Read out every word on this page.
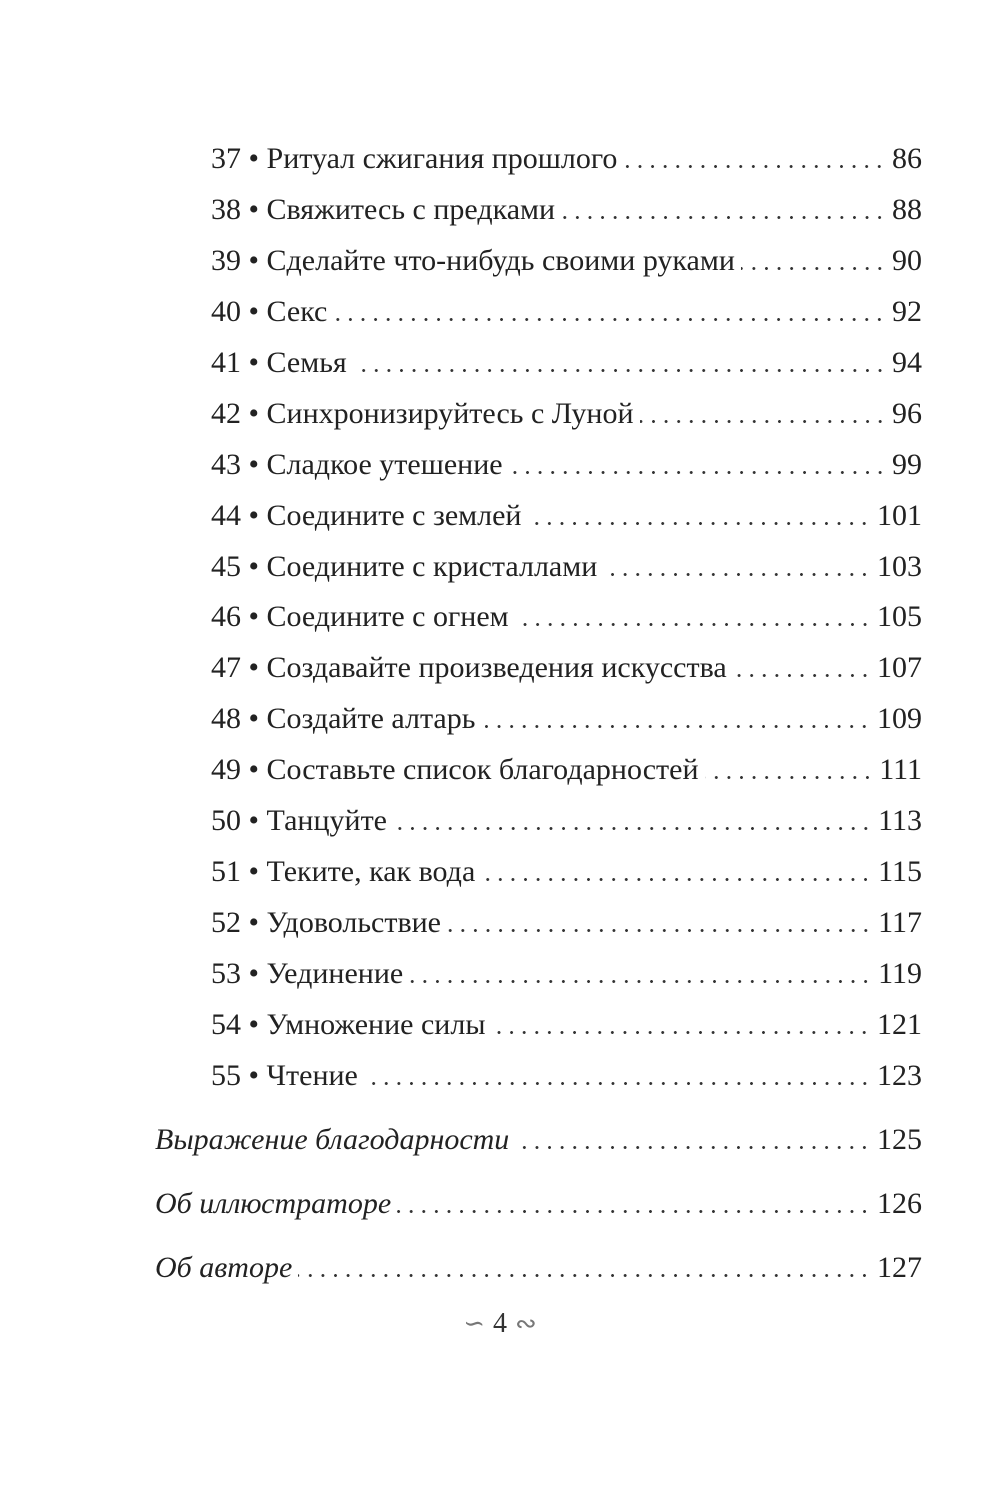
37 • Ритуал сжигания прошлого	86
38 • Свяжитесь с предками	88
39 • Сделайте что-нибудь своими руками	90
40 • Секс	92
41 • Семья	94
42 • Синхронизируйтесь с Луной	96
43 • Сладкое утешение	99
44 • Соедините с землей	101
45 • Соедините с кристаллами	103
46 • Соедините с огнем	105
47 • Создавайте произведения искусства	107
48 • Создайте алтарь	109
49 • Составьте список благодарностей	111
50 • Танцуйте	113
51 • Теките, как вода	115
52 • Удовольствие	117
53 • Уединение	119
54 • Умножение силы	121
55 • Чтение	123
Выражение благодарности	125
Об иллюстраторе	126
Об авторе	127
∽ 4 ∾
